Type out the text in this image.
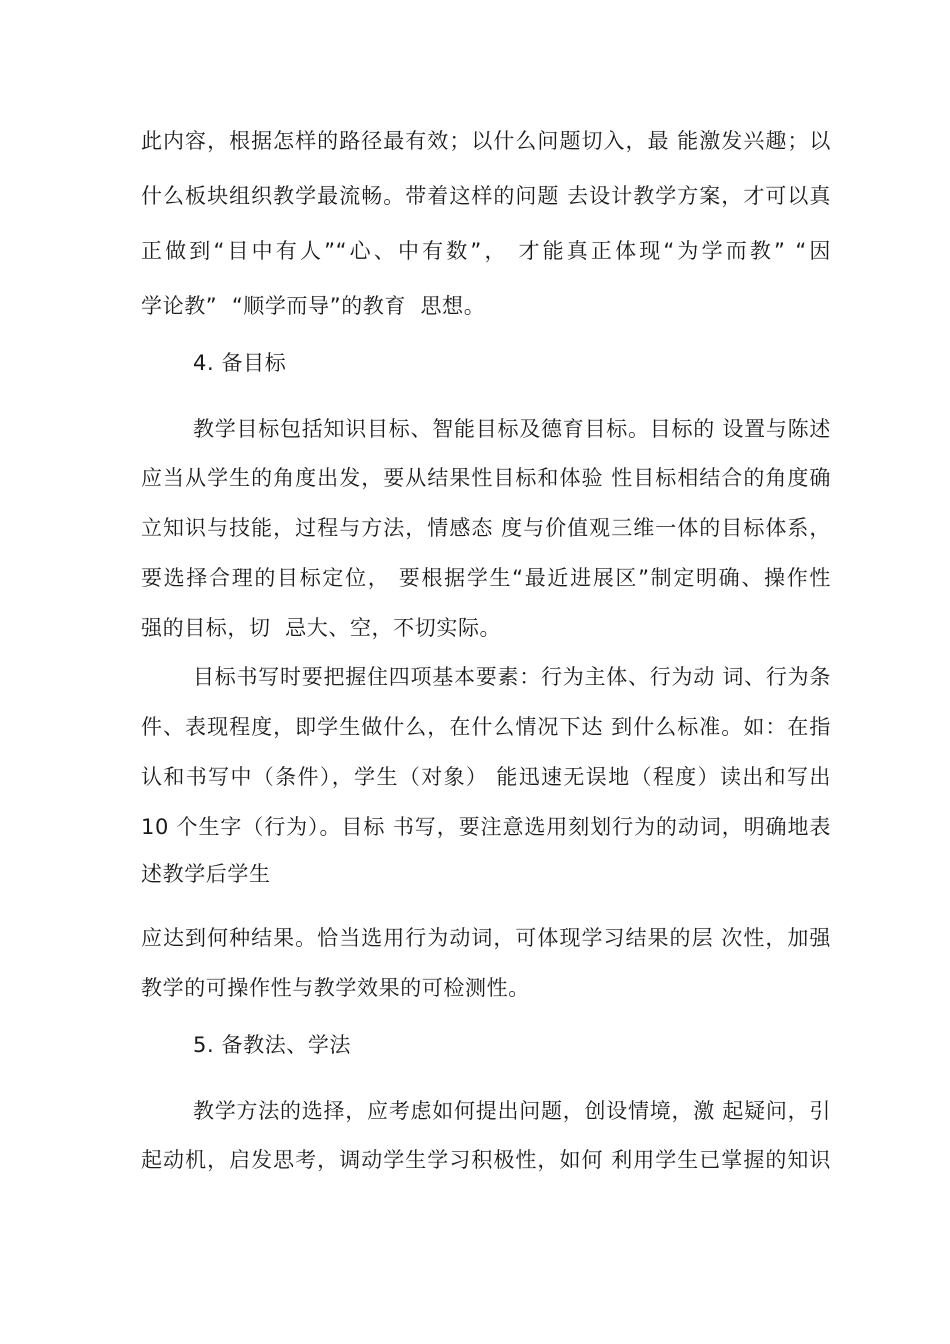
此内容，根据怎样的路径最有效；以什么问题切入，最 能激发兴趣；以
什么板块组织教学最流畅。带着这样的问题 去设计教学方案，才可以真
正做到“目中有人”“心、中有数”， 才能真正体现“为学而教” “因
学论教”  “顺学而导”的教育  思想。
4. 备目标
教学目标包括知识目标、智能目标及德育目标。目标的 设置与陈述
应当从学生的角度出发，要从结果性目标和体验 性目标相结合的角度确
立知识与技能，过程与方法，情感态 度与价值观三维一体的目标体系，
要选择合理的目标定位， 要根据学生“最近进展区”制定明确、操作性
强的目标，切  忌大、空，不切实际。
目标书写时要把握住四项基本要素：行为主体、行为动 词、行为条
件、表现程度，即学生做什么，在什么情况下达 到什么标准。如：在指
认和书写中（条件），学生（对象） 能迅速无误地（程度）读出和写出
10 个生字（行为）。目标 书写，要注意选用刻划行为的动词，明确地表
述教学后学生
应达到何种结果。恰当选用行为动词，可体现学习结果的层 次性，加强
教学的可操作性与教学效果的可检测性。
5. 备教法、学法
教学方法的选择，应考虑如何提出问题，创设情境，激 起疑问，引
起动机，启发思考，调动学生学习积极性，如何 利用学生已掌握的知识
